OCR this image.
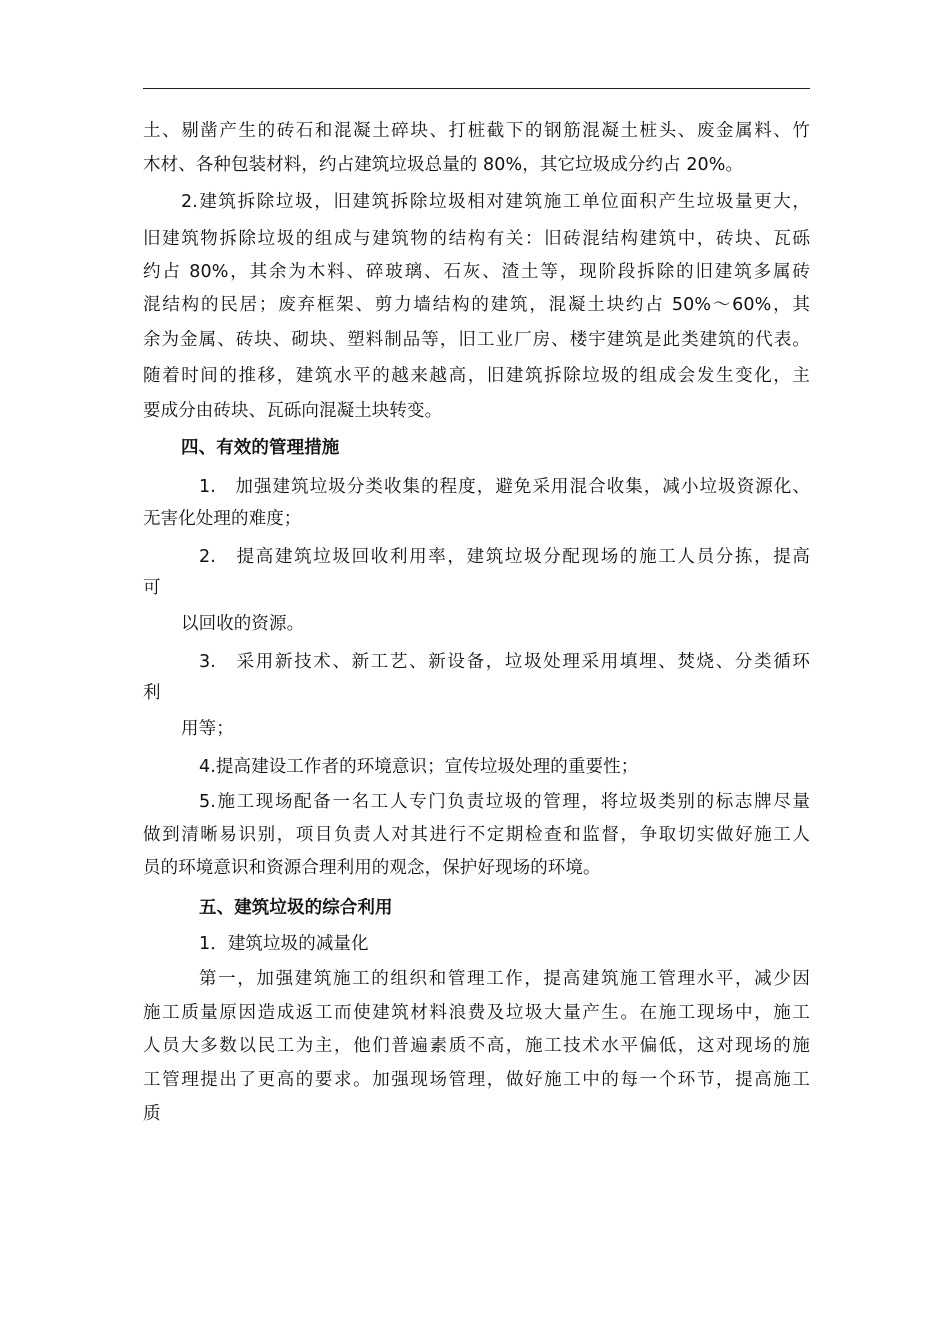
土、剔凿产生的砖石和混凝土碎块、打桩截下的钢筋混凝土桩头、废金属料、竹
木材、各种包装材料，约占建筑垃圾总量的 80%，其它垃圾成分约占 20%。
2.建筑拆除垃圾，旧建筑拆除垃圾相对建筑施工单位面积产生垃圾量更大，
旧建筑物拆除垃圾的组成与建筑物的结构有关：旧砖混结构建筑中，砖块、瓦砾
约占 80%，其余为木料、碎玻璃、石灰、渣土等，现阶段拆除的旧建筑多属砖
混结构的民居；废弃框架、剪力墙结构的建筑，混凝土块约占 50%～60%，其
余为金属、砖块、砌块、塑料制品等，旧工业厂房、楼宇建筑是此类建筑的代表。
随着时间的推移，建筑水平的越来越高，旧建筑拆除垃圾的组成会发生变化，主
要成分由砖块、瓦砾向混凝土块转变。
四、有效的管理措施
1.　加强建筑垃圾分类收集的程度，避免采用混合收集，减小垃圾资源化、
无害化处理的难度；
2.　提高建筑垃圾回收利用率，建筑垃圾分配现场的施工人员分拣，提高
可
以回收的资源。
3.　采用新技术、新工艺、新设备，垃圾处理采用填埋、焚烧、分类循环
利
用等；
4.提高建设工作者的环境意识；宣传垃圾处理的重要性；
5.施工现场配备一名工人专门负责垃圾的管理，将垃圾类别的标志牌尽量
做到清晰易识别，项目负责人对其进行不定期检查和监督，争取切实做好施工人
员的环境意识和资源合理利用的观念，保护好现场的环境。
五、建筑垃圾的综合利用
1．建筑垃圾的减量化
第一，加强建筑施工的组织和管理工作，提高建筑施工管理水平，减少因
施工质量原因造成返工而使建筑材料浪费及垃圾大量产生。在施工现场中，施工
人员大多数以民工为主，他们普遍素质不高，施工技术水平偏低，这对现场的施
工管理提出了更高的要求。加强现场管理，做好施工中的每一个环节，提高施工
质
